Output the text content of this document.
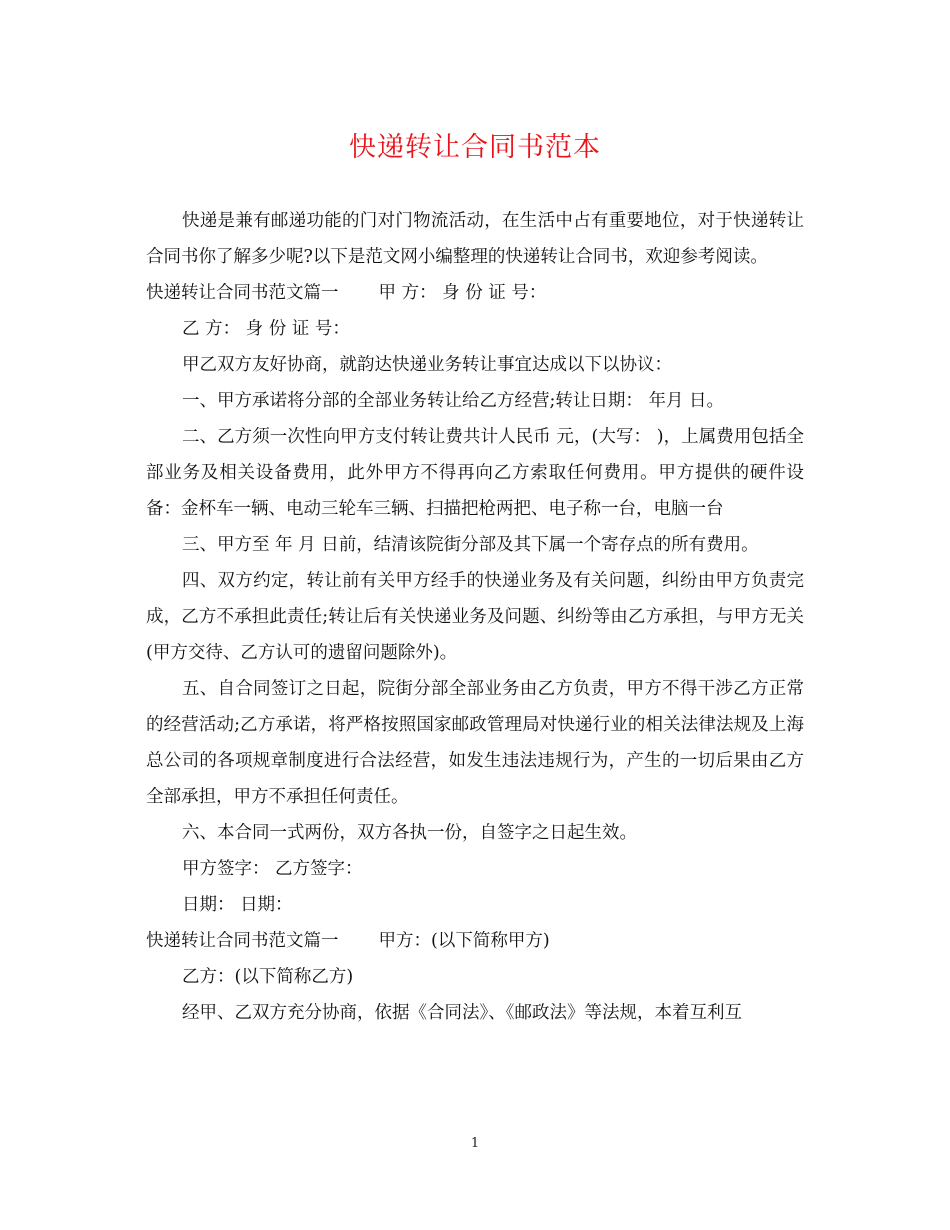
快递转让合同书范本

快递是兼有邮递功能的门对门物流活动，在生活中占有重要地位，对于快递转让合同书你了解多少呢?以下是范文网小编整理的快递转让合同书，欢迎参考阅读。

快递转让合同书范文篇一 甲 方： 身 份 证 号：

乙 方： 身 份 证 号：

甲乙双方友好协商，就韵达快递业务转让事宜达成以下以协议：

一、甲方承诺将分部的全部业务转让给乙方经营;转让日期： 年月 日。

二、乙方须一次性向甲方支付转让费共计人民币 元，(大写： )，上属费用包括全部业务及相关设备费用，此外甲方不得再向乙方索取任何费用。甲方提供的硬件设备：金杯车一辆、电动三轮车三辆、扫描把枪两把、电子称一台，电脑一台

三、甲方至 年 月 日前，结清该院街分部及其下属一个寄存点的所有费用。

四、双方约定，转让前有关甲方经手的快递业务及有关问题，纠纷由甲方负责完成，乙方不承担此责任;转让后有关快递业务及问题、纠纷等由乙方承担，与甲方无关(甲方交待、乙方认可的遗留问题除外)。

五、自合同签订之日起，院街分部全部业务由乙方负责，甲方不得干涉乙方正常的经营活动;乙方承诺，将严格按照国家邮政管理局对快递行业的相关法律法规及上海总公司的各项规章制度进行合法经营，如发生违法违规行为，产生的一切后果由乙方全部承担，甲方不承担任何责任。

六、本合同一式两份，双方各执一份，自签字之日起生效。

甲方签字： 乙方签字：

日期： 日期：

快递转让合同书范文篇一 甲方：(以下简称甲方)

乙方：(以下简称乙方)

经甲、乙双方充分协商，依据《合同法》、《邮政法》等法规，本着互利互

1
